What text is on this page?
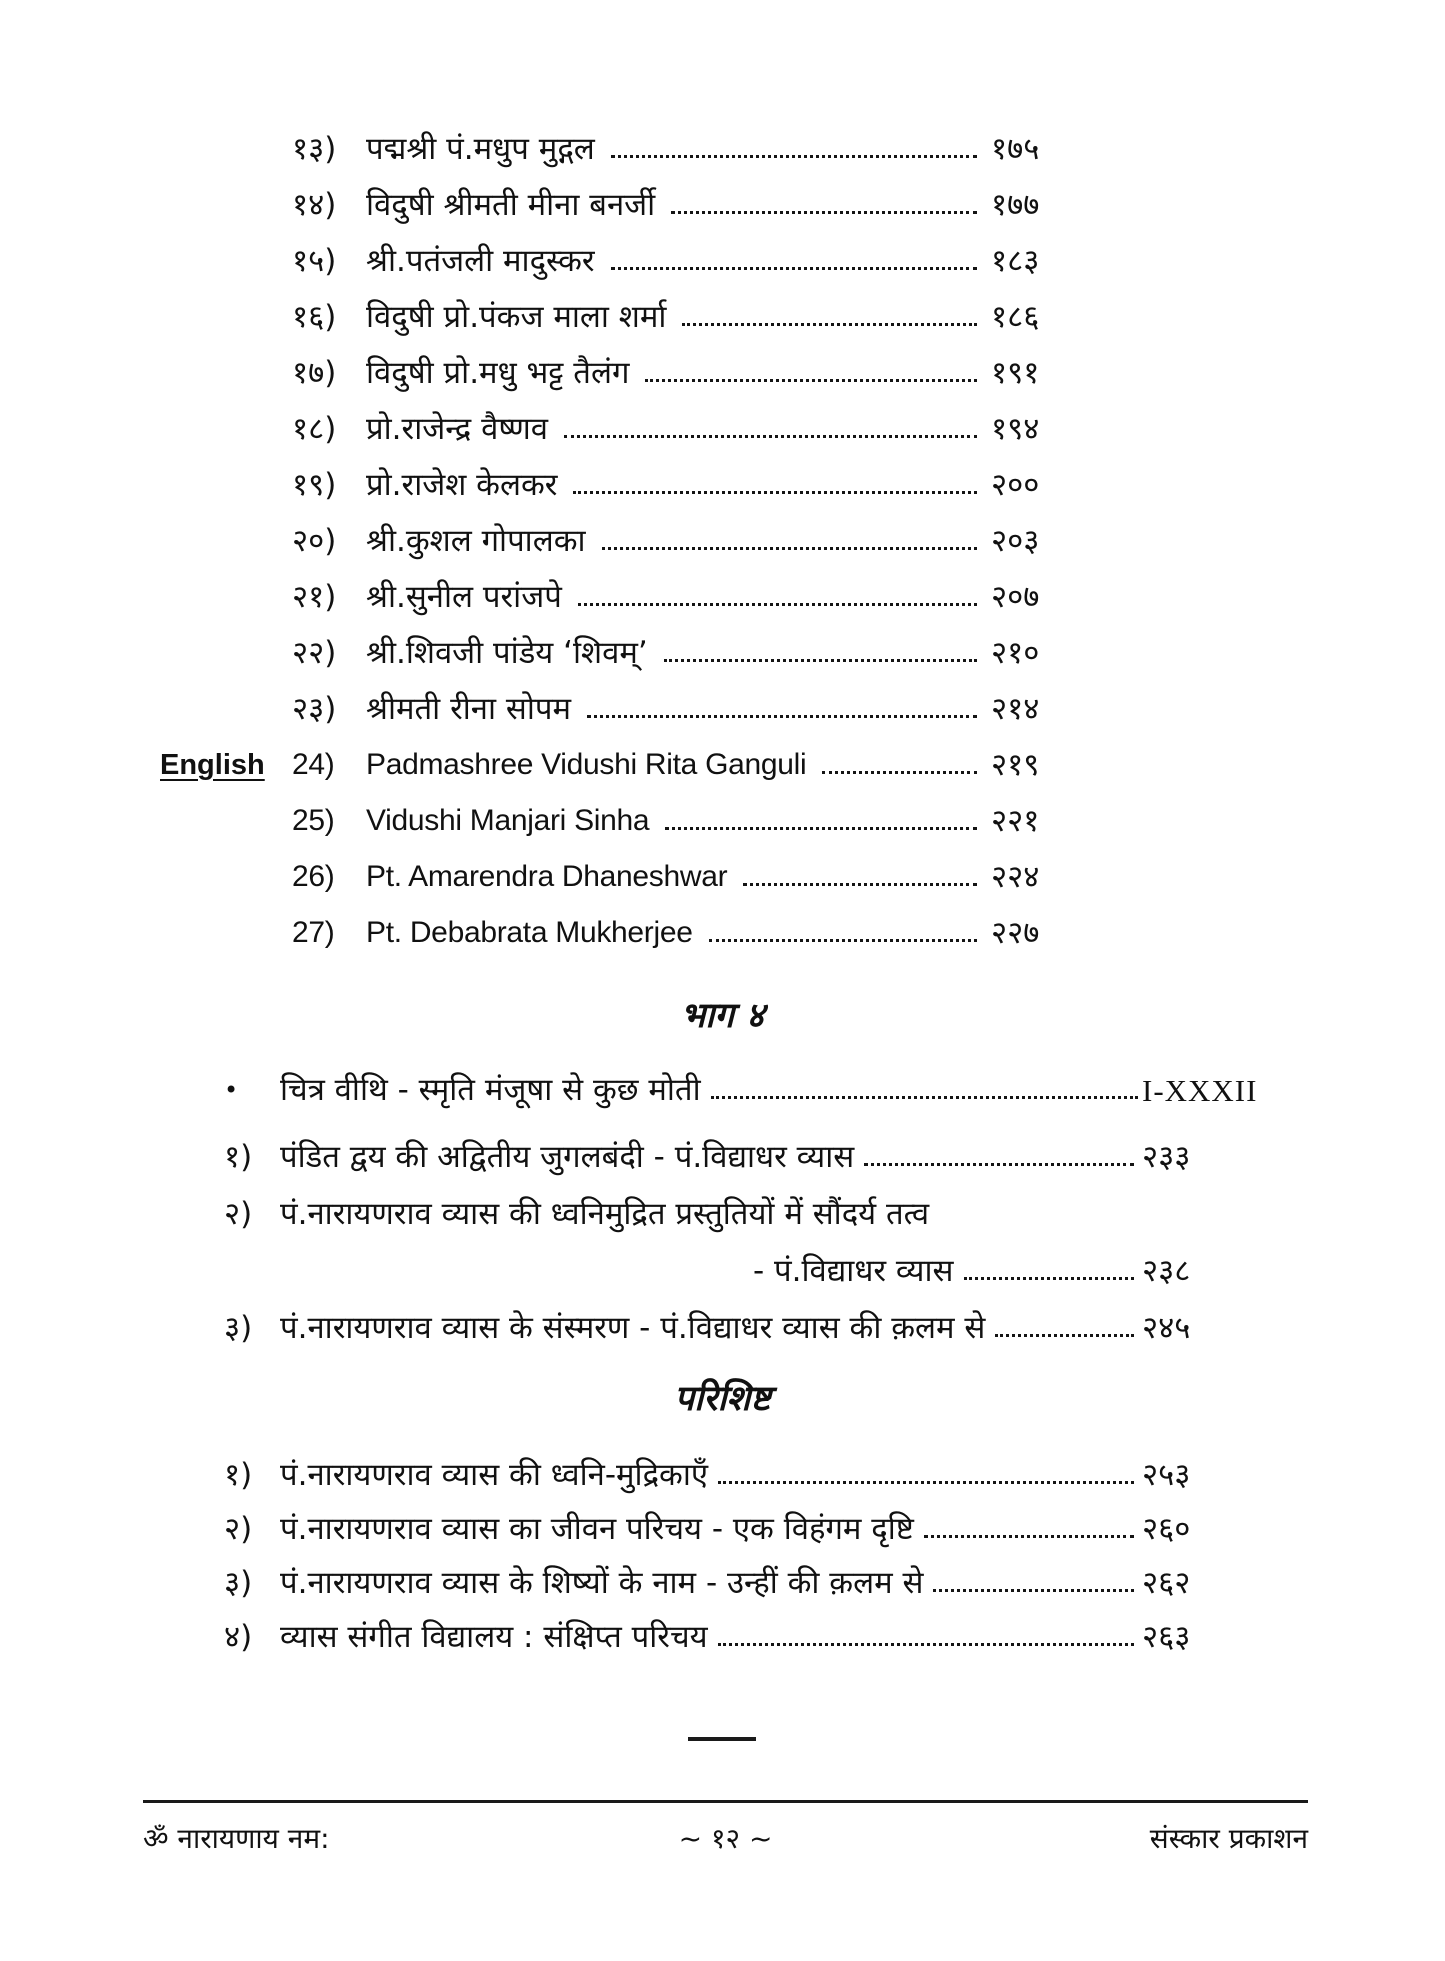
१३) पद्मश्री पं.मधुप मुद्गल	१७५
१४) विदुषी श्रीमती मीना बनर्जी	१७७
१५) श्री.पतंजली मादुस्कर	१८३
१६) विदुषी प्रो.पंकज माला शर्मा	१८६
१७) विदुषी प्रो.मधु भट्ट तैलंग	१९१
१८) प्रो.राजेन्द्र वैष्णव	१९४
१९) प्रो.राजेश केलकर	२००
२०) श्री.कुशल गोपालका	२०३
२१) श्री.सुनील परांजपे	२०७
२२) श्री.शिवजी पांडेय ‘शिवम्’	२१०
२३) श्रीमती रीना सोपम	२१४
English 24)	Padmashree Vidushi Rita Ganguli	२१९
25)	Vidushi Manjari Sinha	२२१
26)	Pt. Amarendra Dhaneshwar	२२४
27)	Pt. Debabrata Mukherjee	२२७
भाग ४
•	चित्र वीथि - स्मृति मंजूषा से कुछ मोती	I-XXXII
१) पंडित द्वय की अद्वितीय जुगलबंदी - पं.विद्याधर व्यास	२३३
२) पं.नारायणराव व्यास की ध्वनिमुद्रित प्रस्तुतियों में सौंदर्य तत्व
- पं.विद्याधर व्यास	२३८
३) पं.नारायणराव व्यास के संस्मरण - पं.विद्याधर व्यास की क़लम से	२४५
परिशिष्ट
१) पं.नारायणराव व्यास की ध्वनि-मुद्रिकाएँ	२५३
२) पं.नारायणराव व्यास का जीवन परिचय - एक विहंगम दृष्टि	२६०
३) पं.नारायणराव व्यास के शिष्यों के नाम - उन्हीं की क़लम से	२६२
४) व्यास संगीत विद्यालय : संक्षिप्त परिचय	२६३
ॐ नारायणाय नम:	~ १२ ~	संस्कार प्रकाशन
